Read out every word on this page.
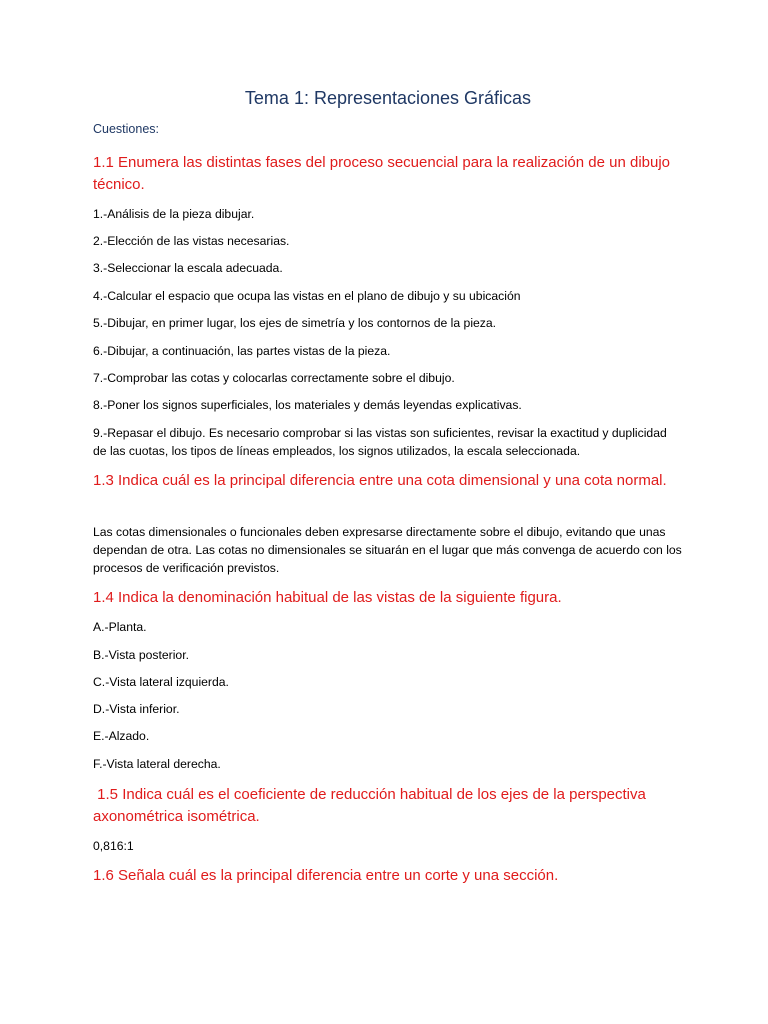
Tema 1: Representaciones Gráficas

Cuestiones:

1.1 Enumera las distintas fases del proceso secuencial para la realización de un dibujo técnico.

1.-Análisis de la pieza dibujar.

2.-Elección de las vistas necesarias.

3.-Seleccionar la escala adecuada.

4.-Calcular el espacio que ocupa las vistas en el plano de dibujo y su ubicación

5.-Dibujar, en primer lugar, los ejes de simetría y los contornos de la pieza.

6.-Dibujar, a continuación, las partes vistas de la pieza.

7.-Comprobar las cotas y colocarlas correctamente sobre el dibujo.

8.-Poner los signos superficiales, los materiales y demás leyendas explicativas.

9.-Repasar el dibujo. Es necesario comprobar si las vistas son suficientes, revisar la exactitud y duplicidad de las cuotas, los tipos de líneas empleados, los signos utilizados, la escala seleccionada.

1.3 Indica cuál es la principal diferencia entre una cota dimensional y una cota normal.

Las cotas dimensionales o funcionales deben expresarse directamente sobre el dibujo, evitando que unas dependan de otra. Las cotas no dimensionales se situarán en el lugar que más convenga de acuerdo con los procesos de verificación previstos.

1.4 Indica la denominación habitual de las vistas de la siguiente figura.

A.-Planta.

B.-Vista posterior.

C.-Vista lateral izquierda.

D.-Vista inferior.

E.-Alzado.

F.-Vista lateral derecha.

1.5 Indica cuál es el coeficiente de reducción habitual de los ejes de la perspectiva axonométrica isométrica.

0,816:1

1.6 Señala cuál es la principal diferencia entre un corte y una sección.
